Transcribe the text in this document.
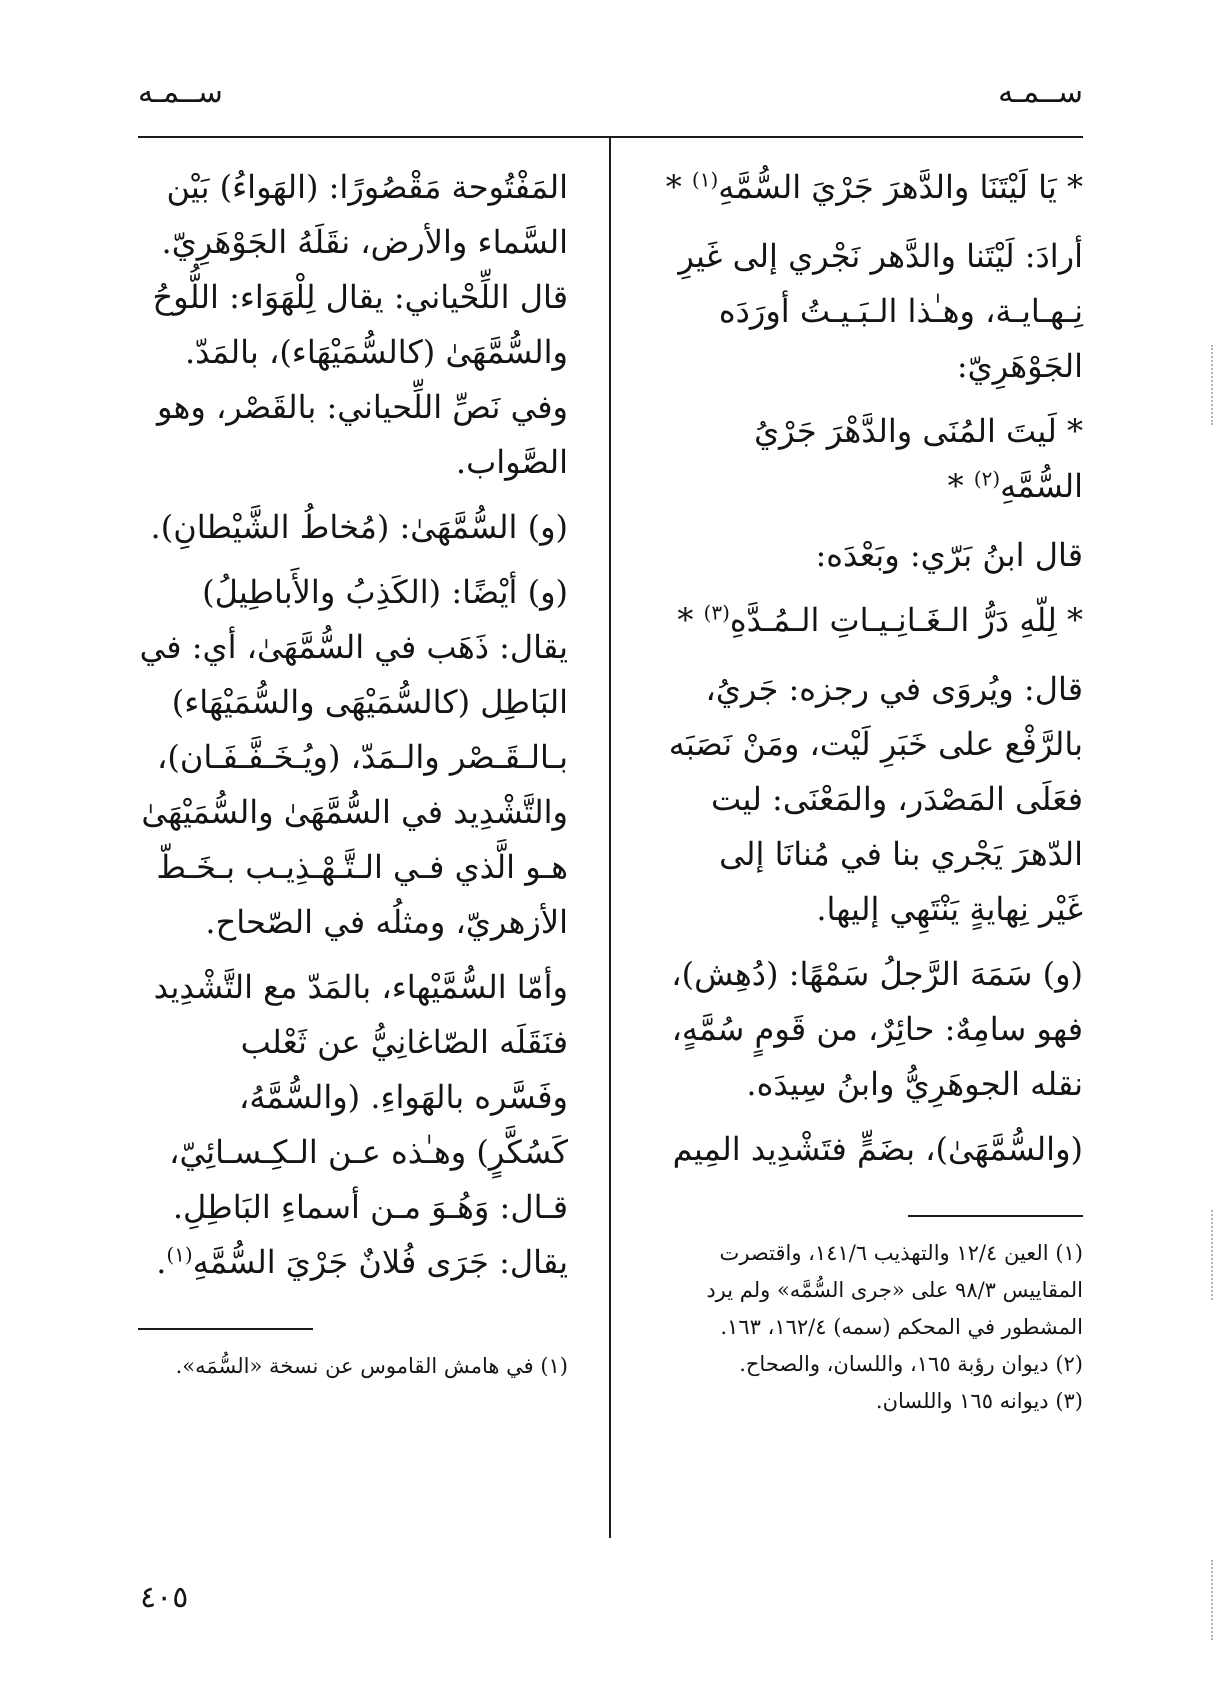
ســمـه
ســمـه

* يَا لَيْتَنَا والدَّهرَ جَرْيَ السُّمَّهِ$^{(١)}$ *

أرادَ: لَيْتَنا والدَّهر نَجْري إلى غَيرِ نِـهـايـة، وهـٰذا الـبَـيـتُ أورَدَه الجَوْهَرِيّ:

* لَيتَ المُنَى والدَّهْرَ جَرْيُ السُّمَّهِ$^{(٢)}$ *

قال ابنُ بَرّي: وبَعْدَه:

* لِلّهِ دَرُّ الـغَـانِـيـاتِ الـمُـدَّهِ$^{(٣)}$ *

قال: ويُروَى في رجزه: جَريُ، بالرَّفْع على خَبَرِ لَيْت، ومَنْ نَصَبَه فعَلَى المَصْدَر، والمَعْنَى: ليت الدّهرَ يَجْري بنا في مُنانَا إلى غَيْر نِهايةٍ يَنْتَهِي إليها.

(و) سَمَهَ الرَّجلُ سَمْهًا: (دُهِش)، فهو سامِهٌ: حائِرٌ، من قَومٍ سُمَّهٍ، نقله الجوهَرِيُّ وابنُ سِيدَه.

(والسُّمَّهَىٰ)، بضَمٍّ فتَشْدِيد المِيم

(١) العين ١٢/٤ والتهذيب ١٤١/٦، واقتصرت المقاييس ٩٨/٣ على «جرى السُّمَّه» ولم يرد المشطور في المحكم (سمه) ١٦٢/٤، ١٦٣.

(٢) ديوان رؤبة ١٦٥، واللسان، والصحاح.

(٣) ديوانه ١٦٥ واللسان.

المَفْتُوحة مَقْصُورًا: (الهَواءُ) بَيْن السَّماء والأرض، نقَلَهُ الجَوْهَرِيّ. قال اللِّحْياني: يقال لِلْهَوَاء: اللُّوحُ والسُّمَّهَىٰ (كالسُّمَيْهَاء)، بالمَدّ. وفي نَصِّ اللِّحياني: بالقَصْر، وهو الصَّواب.

(و) السُّمَّهَىٰ: (مُخاطُ الشَّيْطانِ).

(و) أيْضًا: (الكَذِبُ والأَباطِيلُ) يقال: ذَهَب في السُّمَّهَىٰ، أي: في البَاطِل (كالسُّمَيْهَى والسُّمَيْهَاء) بـالـقَـصْر والـمَدّ، (ويُـخَـفَّـفَـان)، والتَّشْدِيد في السُّمَّهَىٰ والسُّمَيْهَىٰ هـو الَّذي فـي الـتَّـهْـذِيـب بـخَـطّ الأزهريّ، ومثلُه في الصّحاح.

وأمّا السُّمَّيْهاء، بالمَدّ مع التَّشْدِيد فنَقَلَه الصّاغانِيُّ عن ثَعْلب وفَسَّره بالهَواءِ. (والسُّمَّهُ، كَسُكَّرٍ) وهـٰذه عـن الـكِـسـائِيّ، قـال: وَهُـوَ مـن أسماءِ البَاطِلِ. يقال: جَرَى فُلانٌ جَرْيَ السُّمَّهِ$^{(١)}$.

(١) في هامش القاموس عن نسخة «السُّمَه».

٤٠٥
